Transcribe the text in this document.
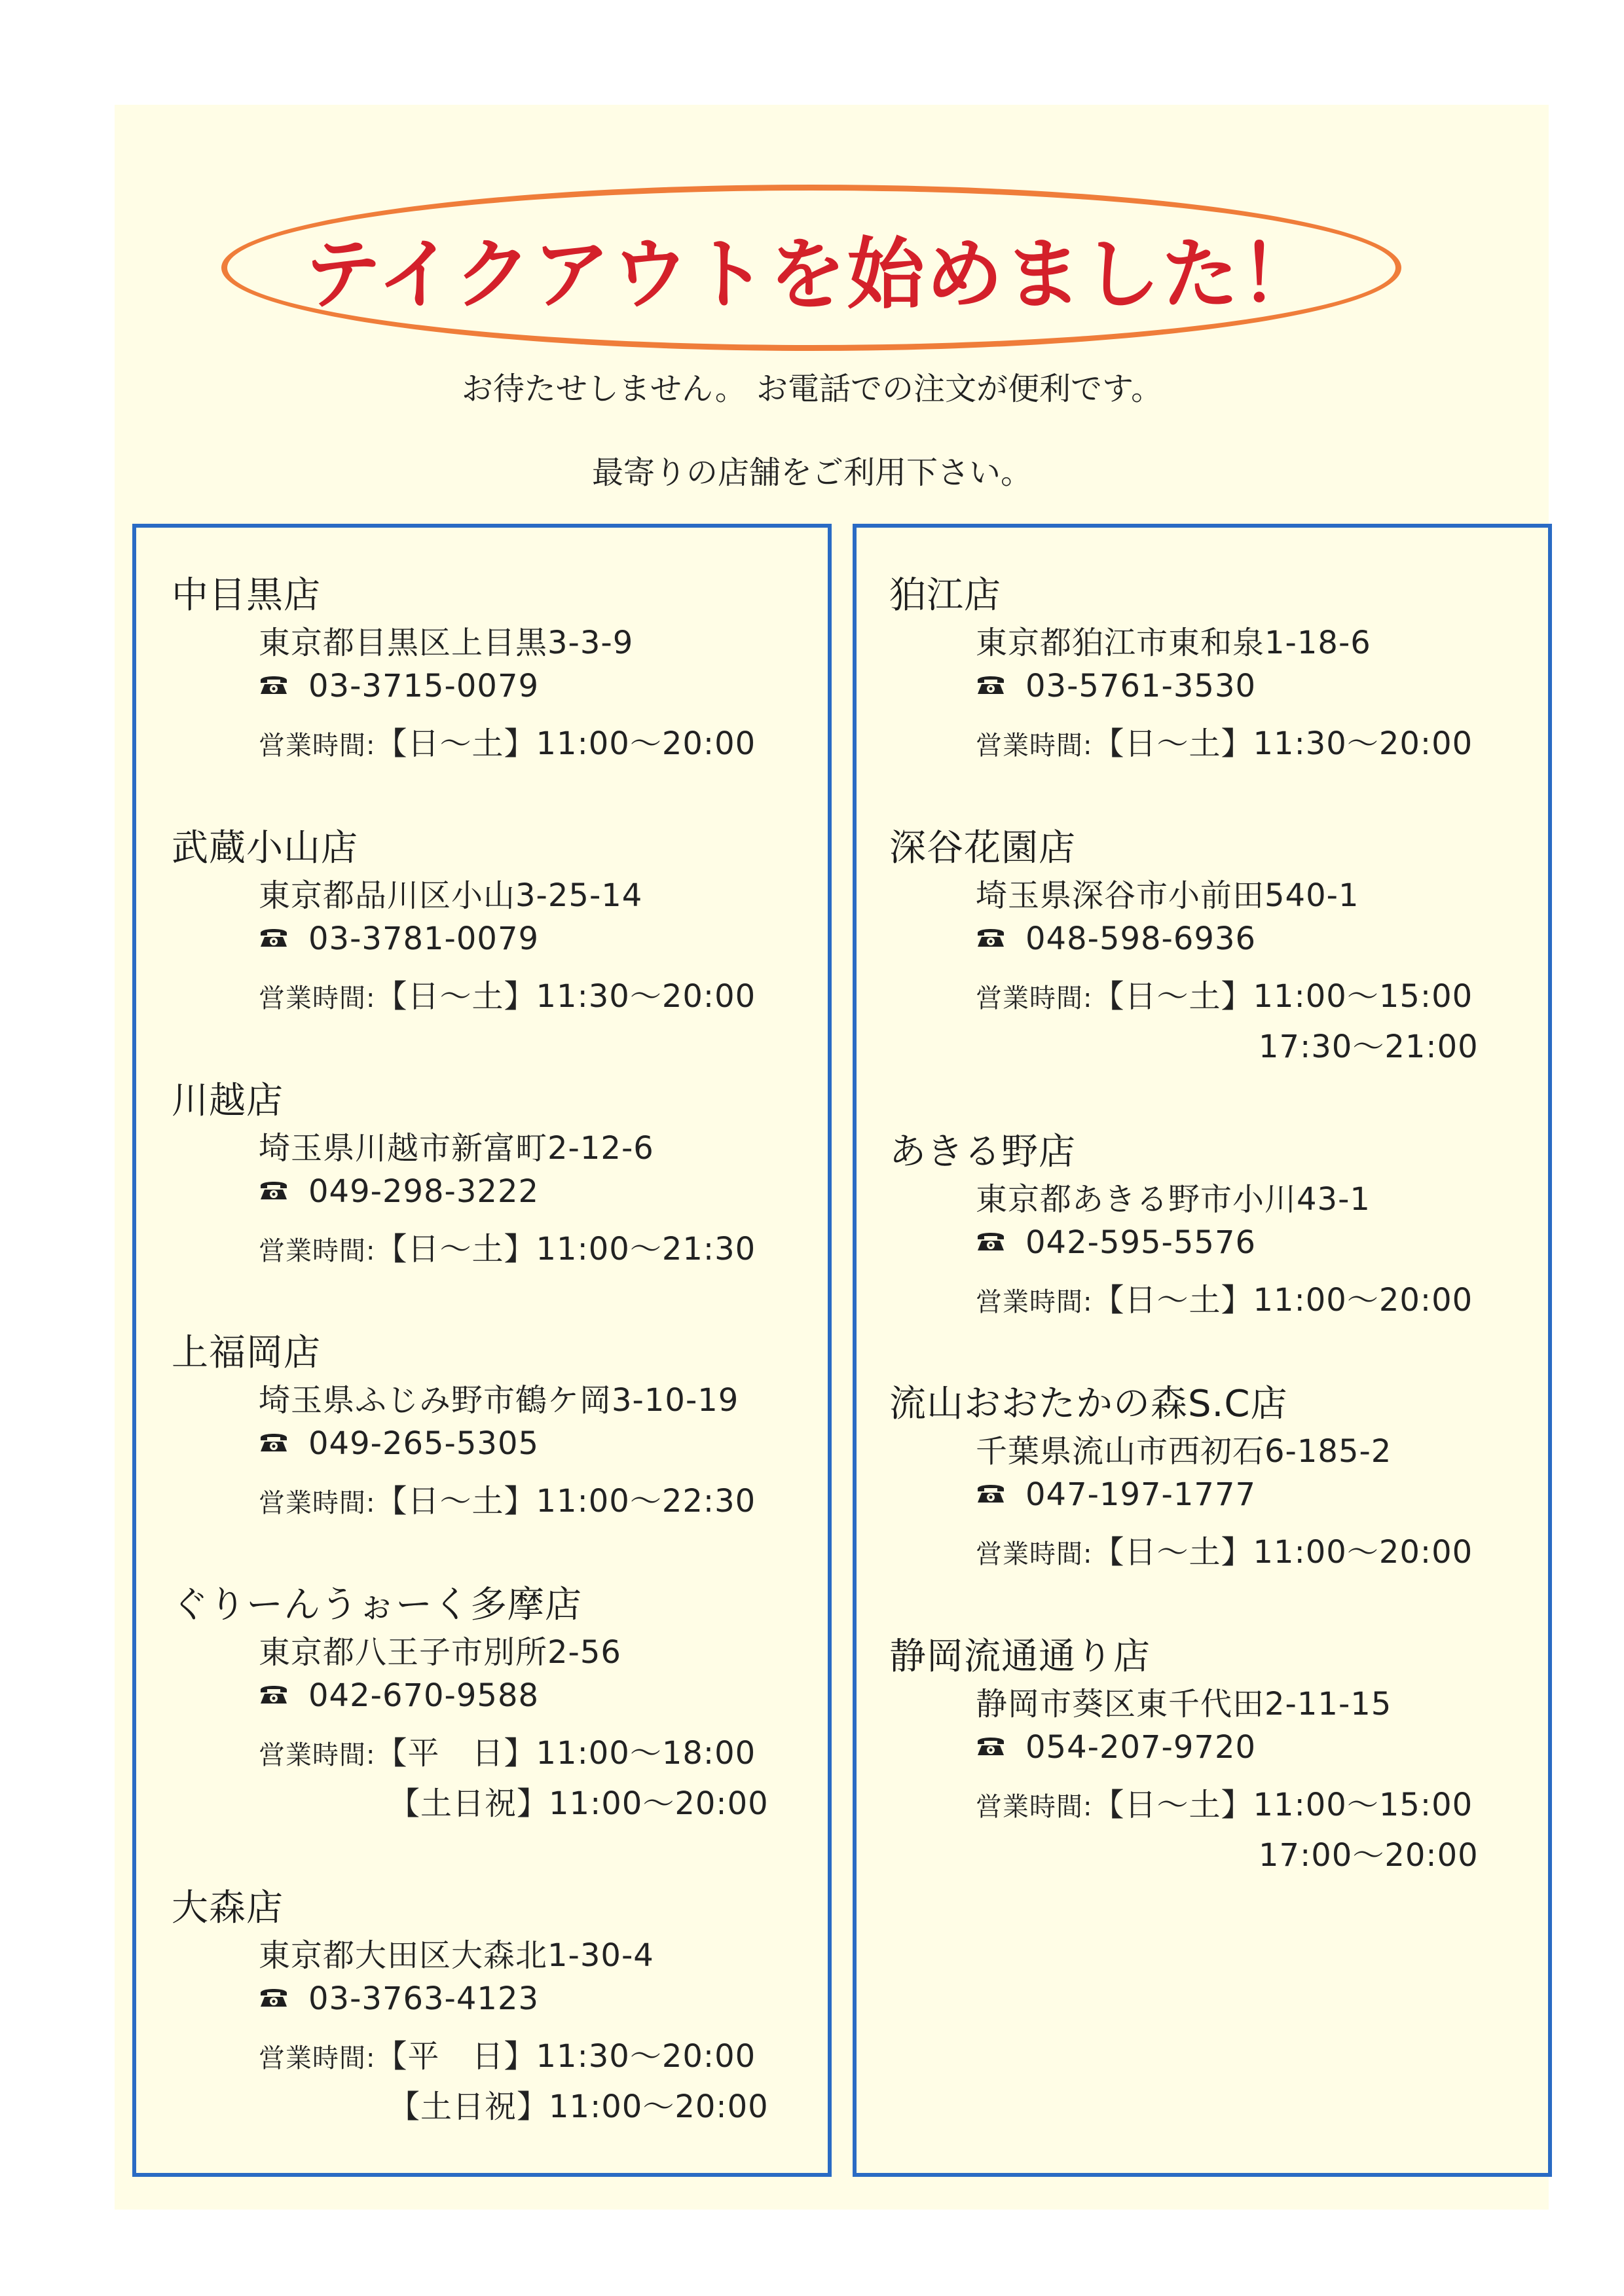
テイクアウトを始めました！
お待たせしません。 お電話での注文が便利です。
最寄りの店舗をご利用下さい。
中目黒店
東京都目黒区上目黒3-3-9
03-3715-0079
営業時間:【日～土】11:00～20:00
武蔵小山店
東京都品川区小山3-25-14
03-3781-0079
営業時間:【日～土】11:30～20:00
川越店
埼玉県川越市新富町2-12-6
049-298-3222
営業時間:【日～土】11:00～21:30
上福岡店
埼玉県ふじみ野市鶴ケ岡3-10-19
049-265-5305
営業時間:【日～土】11:00～22:30
ぐりーんうぉーく多摩店
東京都八王子市別所2-56
042-670-9588
営業時間:【平　日】11:00～18:00
【土日祝】11:00～20:00
大森店
東京都大田区大森北1-30-4
03-3763-4123
営業時間:【平　日】11:30～20:00
【土日祝】11:00～20:00
狛江店
東京都狛江市東和泉1-18-6
03-5761-3530
営業時間:【日～土】11:30～20:00
深谷花園店
埼玉県深谷市小前田540-1
048-598-6936
営業時間:【日～土】11:00～15:00
17:30～21:00
あきる野店
東京都あきる野市小川43-1
042-595-5576
営業時間:【日～土】11:00～20:00
流山おおたかの森S.C店
千葉県流山市西初石6-185-2
047-197-1777
営業時間:【日～土】11:00～20:00
静岡流通通り店
静岡市葵区東千代田2-11-15
054-207-9720
営業時間:【日～土】11:00～15:00
17:00～20:00
